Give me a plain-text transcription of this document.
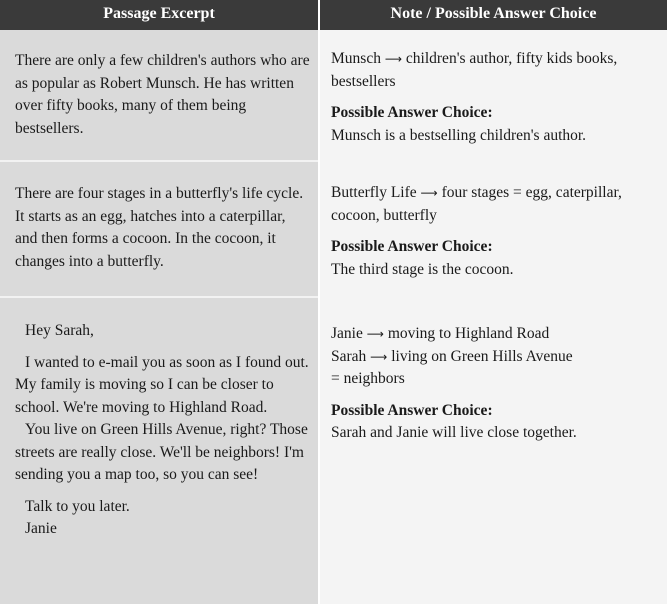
Passage Excerpt	Note / Possible Answer Choice
There are only a few children's authors who are as popular as Robert Munsch. He has written over fifty books, many of them being bestsellers.
Munsch ⟶ children's author, fifty kids books, bestsellers
Possible Answer Choice:
Munsch is a bestselling children's author.
There are four stages in a butterfly's life cycle. It starts as an egg, hatches into a caterpillar, and then forms a cocoon. In the cocoon, it changes into a butterfly.
Butterfly Life ⟶ four stages = egg, caterpillar, cocoon, butterfly
Possible Answer Choice:
The third stage is the cocoon.

Hey Sarah,

I wanted to e-mail you as soon as I found out. My family is moving so I can be closer to school. We're moving to Highland Road.

You live on Green Hills Avenue, right? Those streets are really close. We'll be neighbors! I'm sending you a map too, so you can see!

Talk to you later.

Janie

Janie ⟶ moving to Highland Road
Sarah ⟶ living on Green Hills Avenue
= neighbors
Possible Answer Choice:
Sarah and Janie will live close together.
